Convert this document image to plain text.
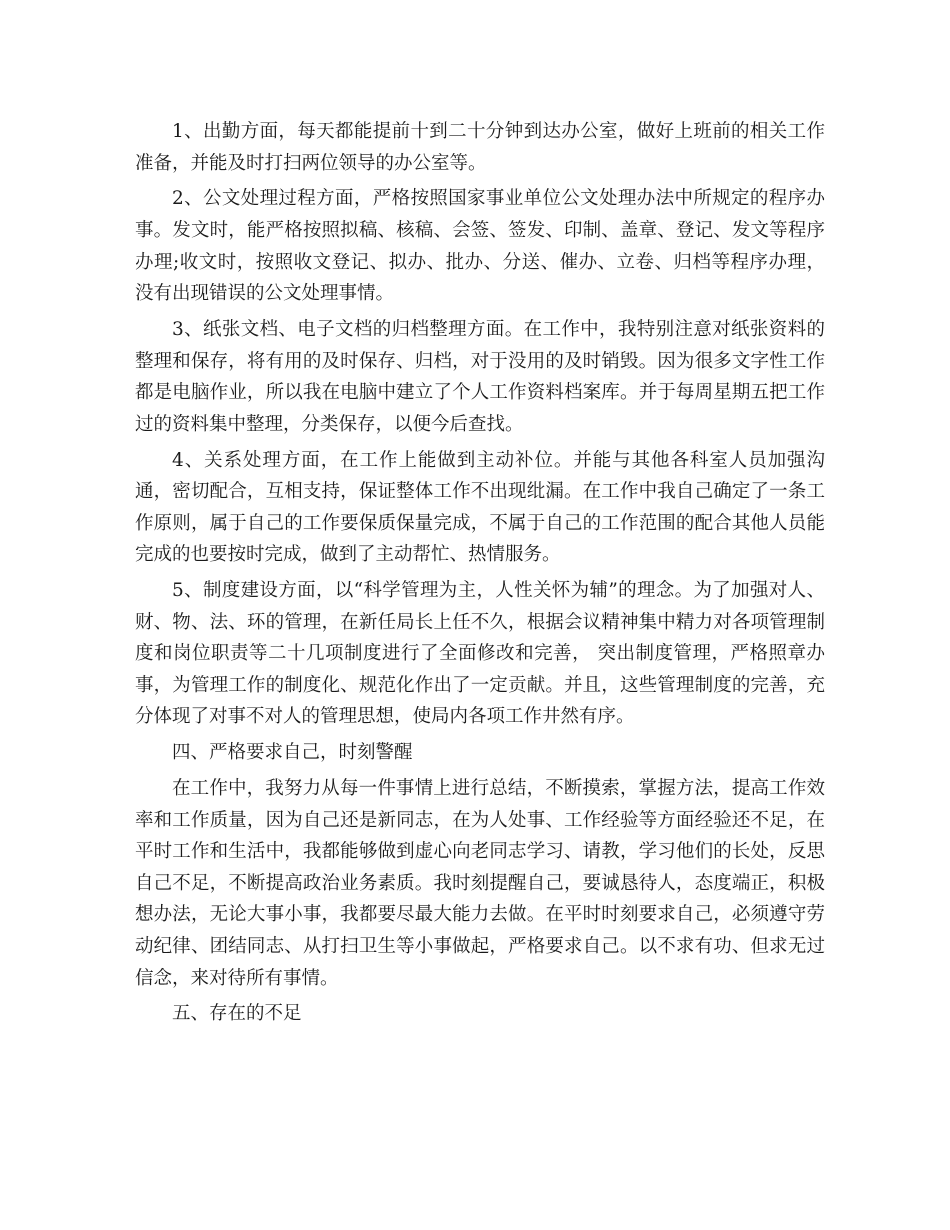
1、出勤方面，每天都能提前十到二十分钟到达办公室，做好上班前的相关工作准备，并能及时打扫两位领导的办公室等。

2、公文处理过程方面，严格按照国家事业单位公文处理办法中所规定的程序办事。发文时，能严格按照拟稿、核稿、会签、签发、印制、盖章、登记、发文等程序办理;收文时，按照收文登记、拟办、批办、分送、催办、立卷、归档等程序办理，没有出现错误的公文处理事情。

3、纸张文档、电子文档的归档整理方面。在工作中，我特别注意对纸张资料的整理和保存，将有用的及时保存、归档，对于没用的及时销毁。因为很多文字性工作都是电脑作业，所以我在电脑中建立了个人工作资料档案库。并于每周星期五把工作过的资料集中整理，分类保存，以便今后查找。

4、关系处理方面，在工作上能做到主动补位。并能与其他各科室人员加强沟通，密切配合，互相支持，保证整体工作不出现纰漏。在工作中我自己确定了一条工作原则，属于自己的工作要保质保量完成，不属于自己的工作范围的配合其他人员能完成的也要按时完成，做到了主动帮忙、热情服务。

5、制度建设方面，以“科学管理为主，人性关怀为辅”的理念。为了加强对人、财、物、法、环的管理，在新任局长上任不久，根据会议精神集中精力对各项管理制度和岗位职责等二十几项制度进行了全面修改和完善， 突出制度管理，严格照章办事，为管理工作的制度化、规范化作出了一定贡献。并且，这些管理制度的完善，充分体现了对事不对人的管理思想，使局内各项工作井然有序。

四、严格要求自己，时刻警醒

在工作中，我努力从每一件事情上进行总结，不断摸索，掌握方法，提高工作效率和工作质量，因为自己还是新同志，在为人处事、工作经验等方面经验还不足，在平时工作和生活中，我都能够做到虚心向老同志学习、请教，学习他们的长处，反思自己不足，不断提高政治业务素质。我时刻提醒自己，要诚恳待人，态度端正，积极想办法，无论大事小事，我都要尽最大能力去做。在平时时刻要求自己，必须遵守劳动纪律、团结同志、从打扫卫生等小事做起，严格要求自己。以不求有功、但求无过信念，来对待所有事情。

五、存在的不足
